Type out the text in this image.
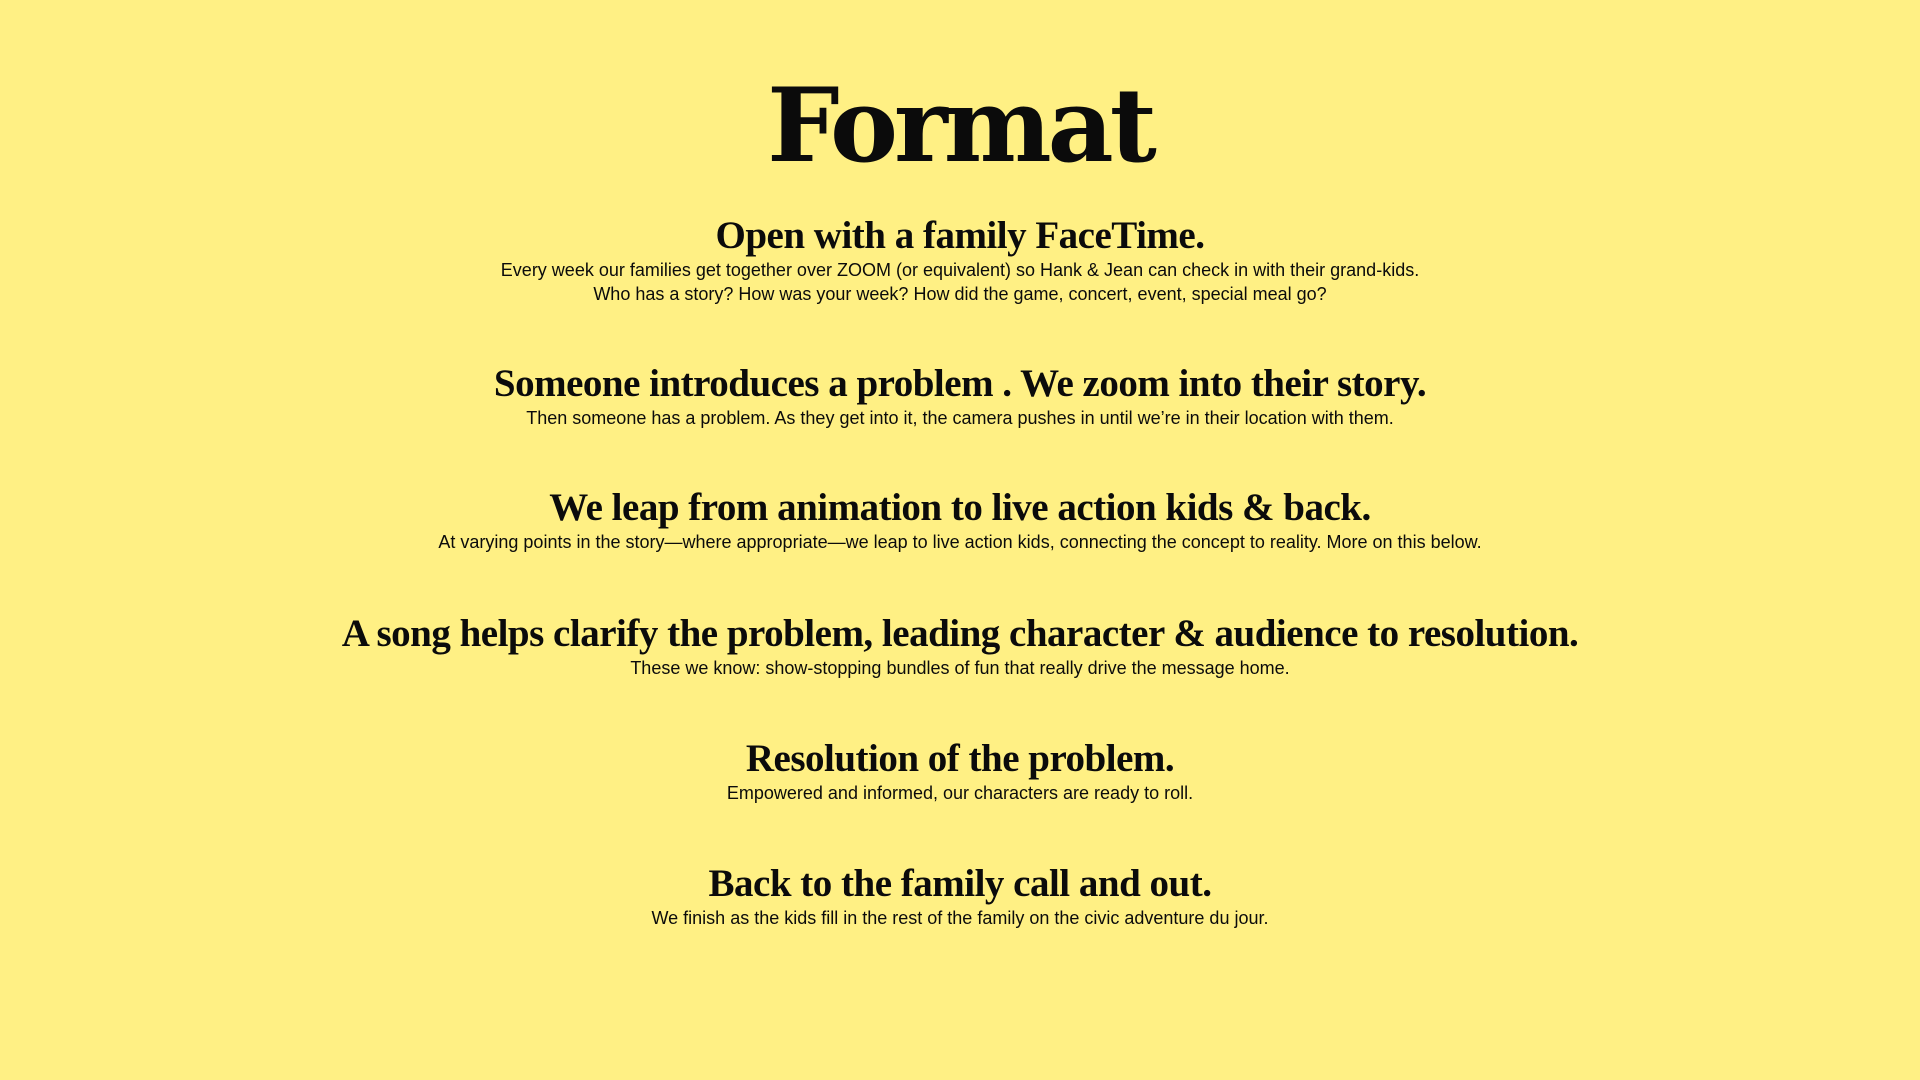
Format
Open with a family FaceTime.

Every week our families get together over ZOOM (or equivalent) so Hank & Jean can check in with their grand-kids.
Who has a story? How was your week? How did the game, concert, event, special meal go?

Someone introduces a problem . We zoom into their story.

Then someone has a problem. As they get into it, the camera pushes in until we’re in their location with them.

We leap from animation to live action kids & back.

At varying points in the story—where appropriate—we leap to live action kids, connecting the concept to reality. More on this below.

A song helps clarify the problem, leading character & audience to resolution.

These we know: show-stopping bundles of fun that really drive the message home.

Resolution of the problem.

Empowered and informed, our characters are ready to roll.

Back to the family call and out.

We finish as the kids fill in the rest of the family on the civic adventure du jour.
